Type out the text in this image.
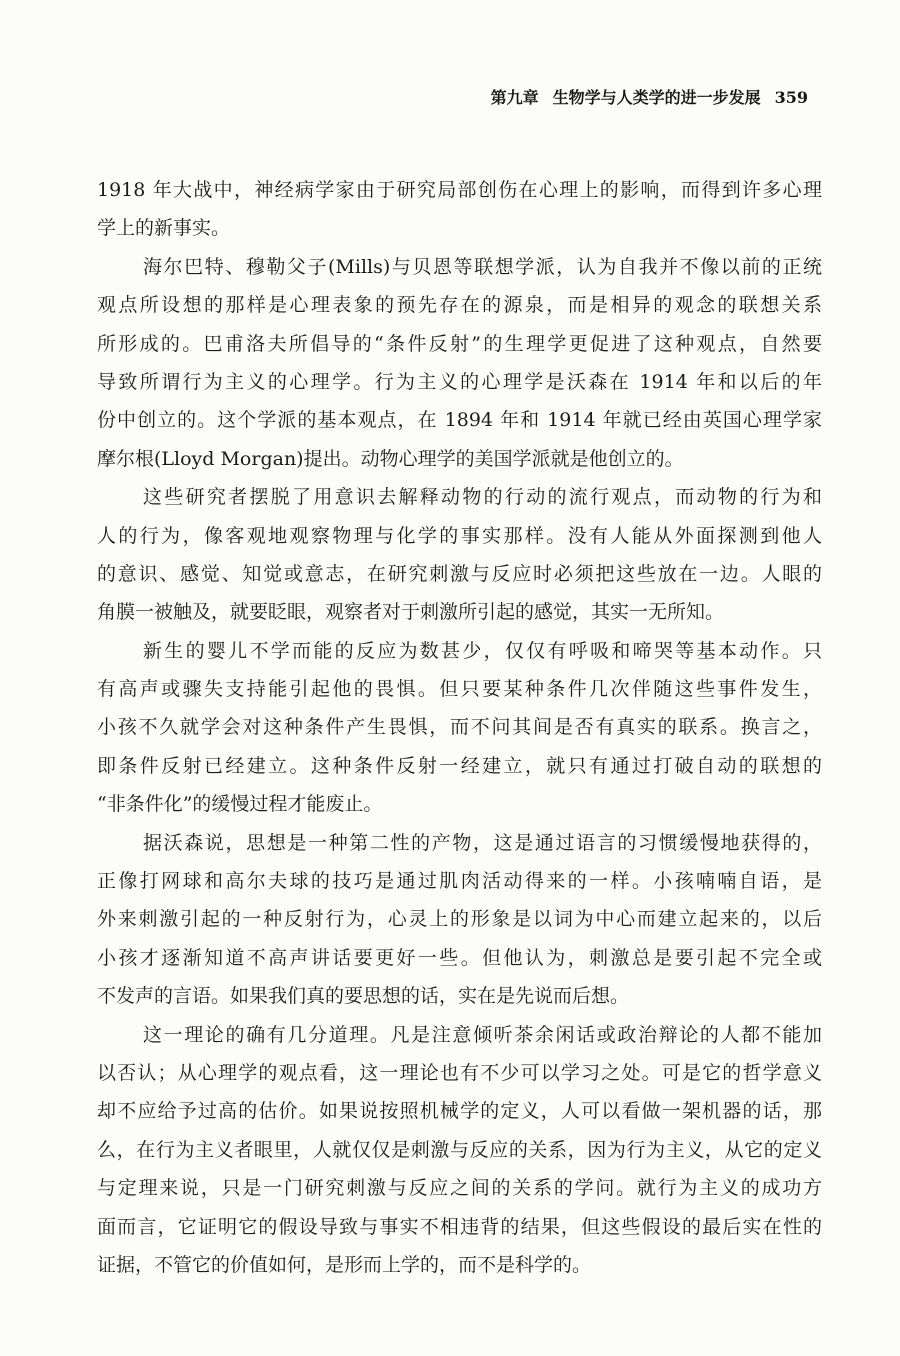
第九章 生物学与人类学的进一步发展 359
1918 年大战中，神经病学家由于研究局部创伤在心理上的影响，而得到许多心理
学上的新事实。
海尔巴特、穆勒父子(Mills)与贝恩等联想学派，认为自我并不像以前的正统
观点所设想的那样是心理表象的预先存在的源泉，而是相异的观念的联想关系
所形成的。巴甫洛夫所倡导的“条件反射”的生理学更促进了这种观点，自然要
导致所谓行为主义的心理学。行为主义的心理学是沃森在 1914 年和以后的年
份中创立的。这个学派的基本观点，在 1894 年和 1914 年就已经由英国心理学家
摩尔根(Lloyd Morgan)提出。动物心理学的美国学派就是他创立的。
这些研究者摆脱了用意识去解释动物的行动的流行观点，而动物的行为和
人的行为，像客观地观察物理与化学的事实那样。没有人能从外面探测到他人
的意识、感觉、知觉或意志，在研究刺激与反应时必须把这些放在一边。人眼的
角膜一被触及，就要眨眼，观察者对于刺激所引起的感觉，其实一无所知。
新生的婴儿不学而能的反应为数甚少，仅仅有呼吸和啼哭等基本动作。只
有高声或骤失支持能引起他的畏惧。但只要某种条件几次伴随这些事件发生，
小孩不久就学会对这种条件产生畏惧，而不问其间是否有真实的联系。换言之，
即条件反射已经建立。这种条件反射一经建立，就只有通过打破自动的联想的
“非条件化”的缓慢过程才能废止。
据沃森说，思想是一种第二性的产物，这是通过语言的习惯缓慢地获得的，
正像打网球和高尔夫球的技巧是通过肌肉活动得来的一样。小孩喃喃自语，是
外来刺激引起的一种反射行为，心灵上的形象是以词为中心而建立起来的，以后
小孩才逐渐知道不高声讲话要更好一些。但他认为，刺激总是要引起不完全或
不发声的言语。如果我们真的要思想的话，实在是先说而后想。
这一理论的确有几分道理。凡是注意倾听茶余闲话或政治辩论的人都不能加
以否认；从心理学的观点看，这一理论也有不少可以学习之处。可是它的哲学意义
却不应给予过高的估价。如果说按照机械学的定义，人可以看做一架机器的话，那
么，在行为主义者眼里，人就仅仅是刺激与反应的关系，因为行为主义，从它的定义
与定理来说，只是一门研究刺激与反应之间的关系的学问。就行为主义的成功方
面而言，它证明它的假设导致与事实不相违背的结果，但这些假设的最后实在性的
证据，不管它的价值如何，是形而上学的，而不是科学的。
